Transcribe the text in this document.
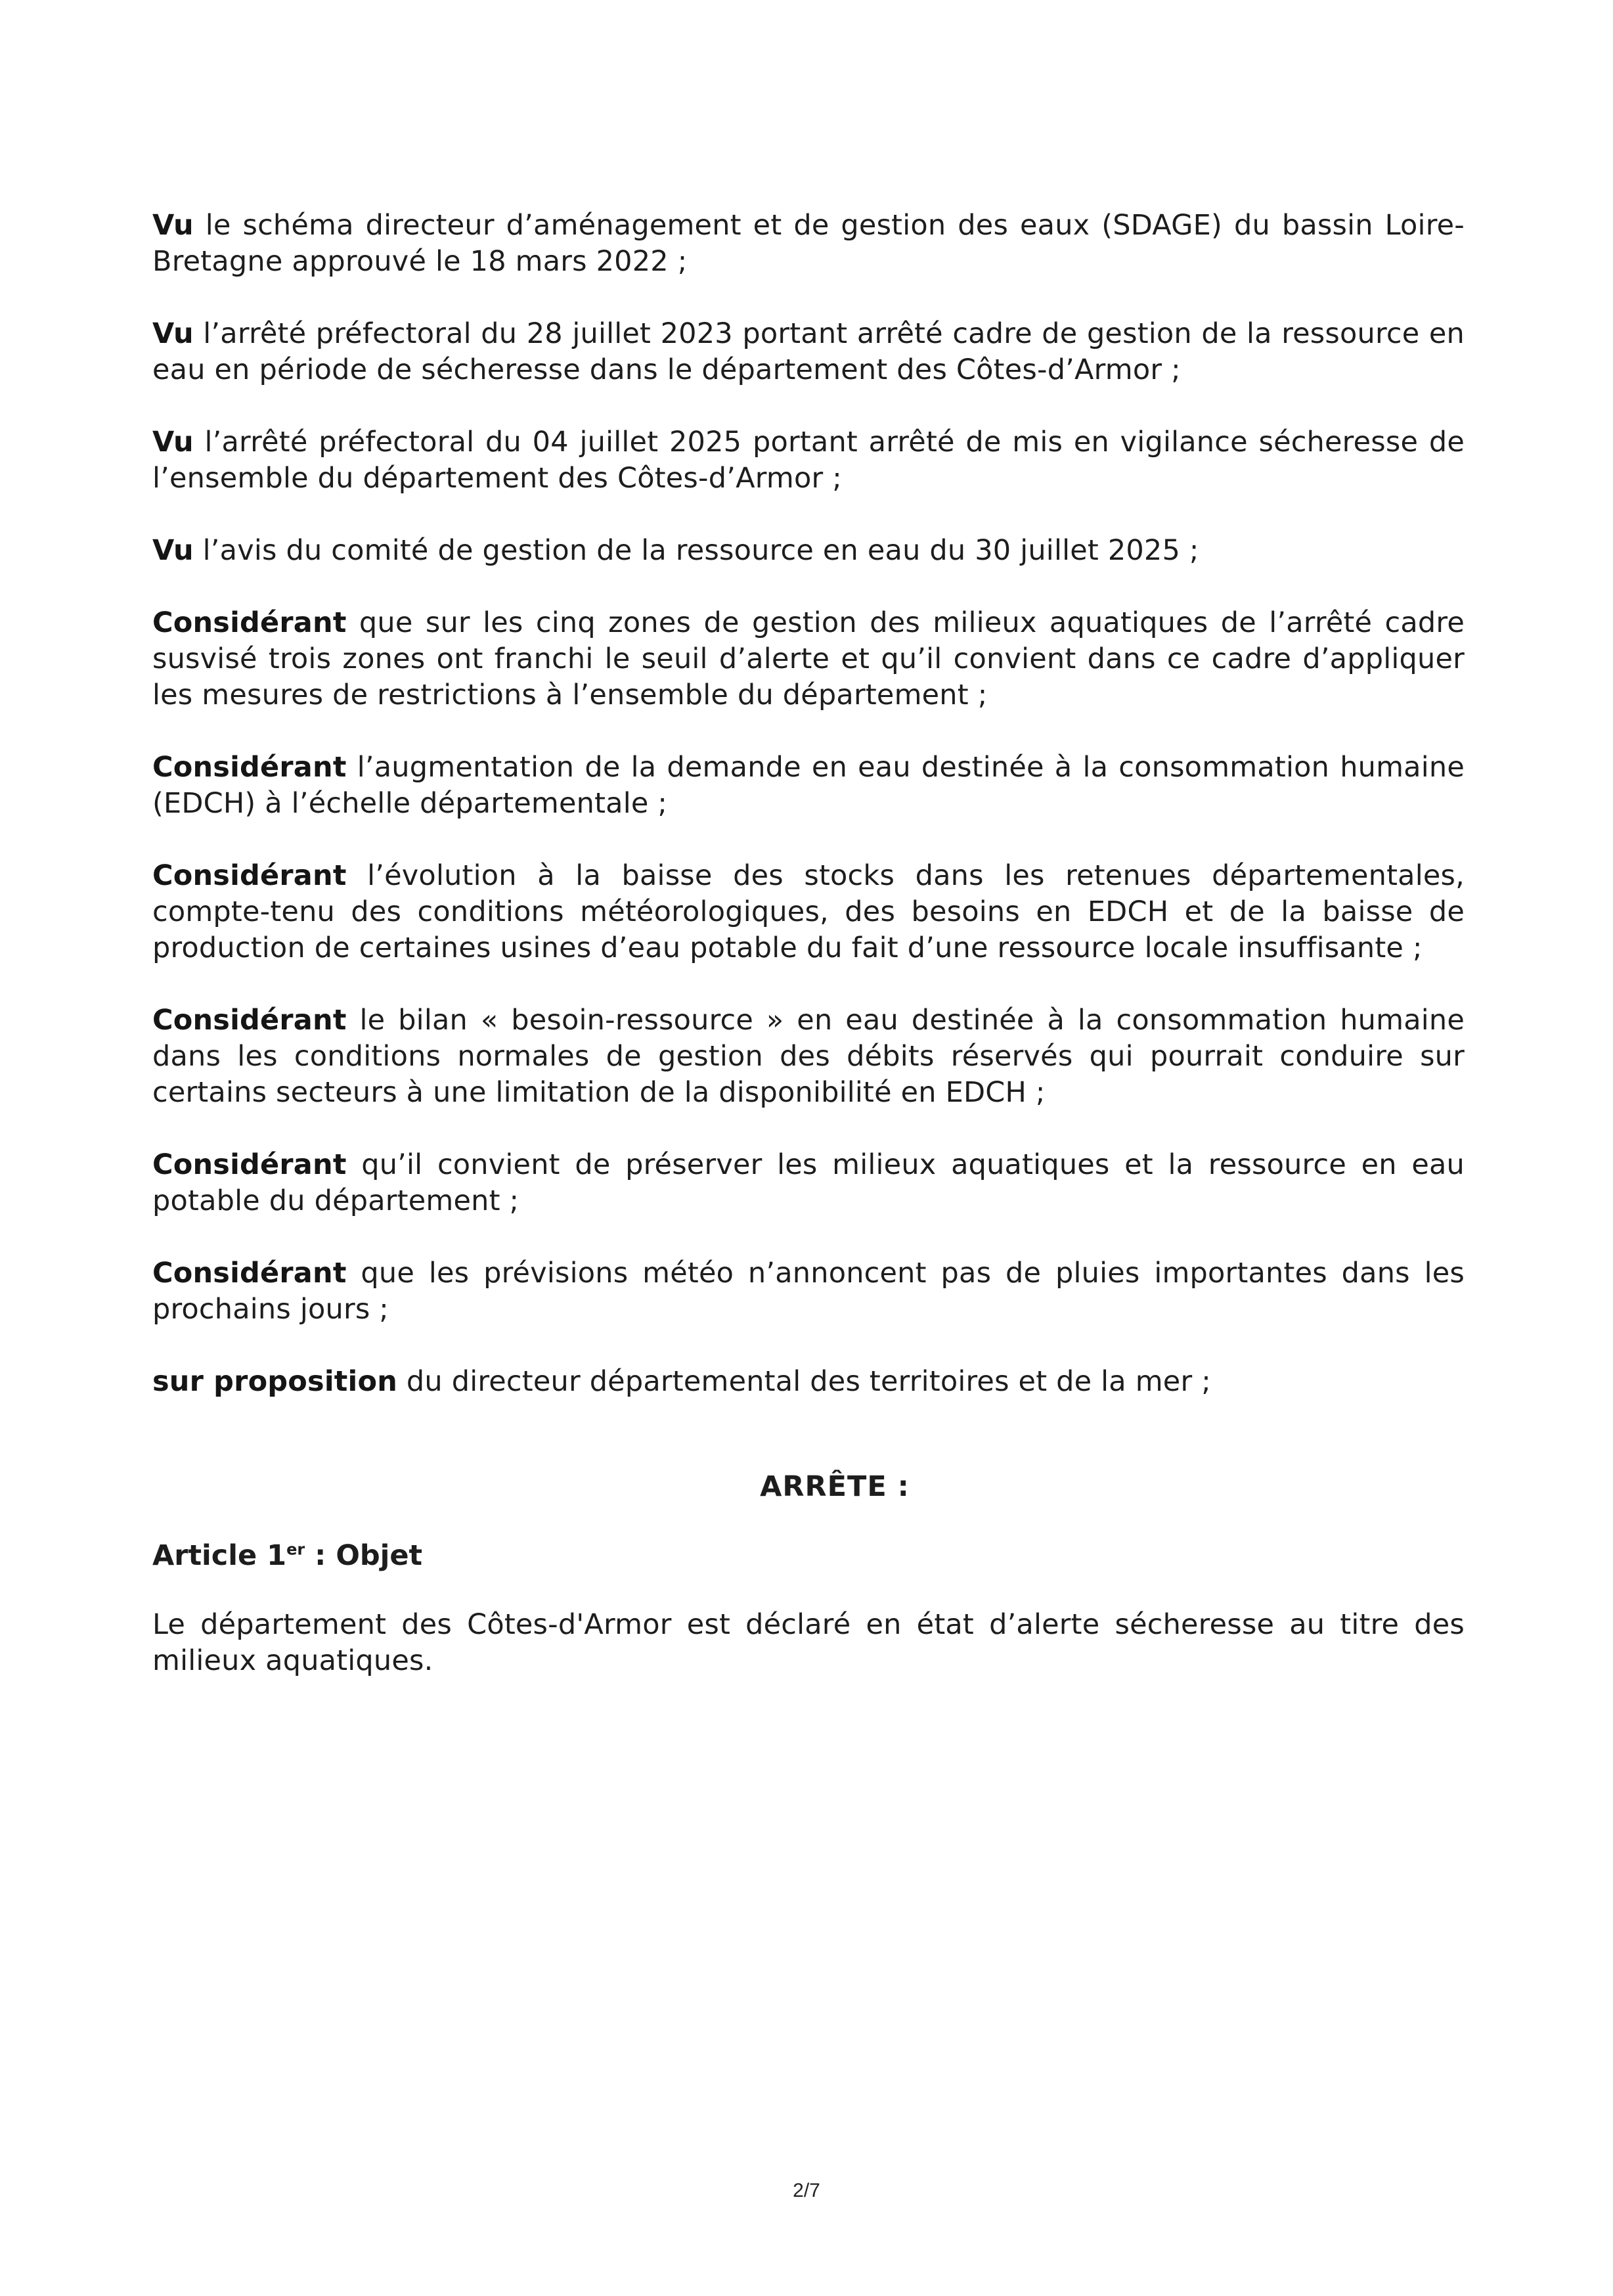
Vu le schéma directeur d’aménagement et de gestion des eaux (SDAGE) du bassin Loire-Bretagne approuvé le 18 mars 2022 ;

Vu l’arrêté préfectoral du 28 juillet 2023 portant arrêté cadre de gestion de la ressource en eau en période de sécheresse dans le département des Côtes-d’Armor ;

Vu l’arrêté préfectoral du 04 juillet 2025 portant arrêté de mis en vigilance sécheresse de l’ensemble du département des Côtes-d’Armor ;

Vu l’avis du comité de gestion de la ressource en eau du 30 juillet 2025 ;

Considérant que sur les cinq zones de gestion des milieux aquatiques de l’arrêté cadre susvisé trois zones ont franchi le seuil d’alerte et qu’il convient dans ce cadre d’appliquer les mesures de restrictions à l’ensemble du département ;

Considérant l’augmentation de la demande en eau destinée à la consommation humaine (EDCH) à l’échelle départementale ;

Considérant l’évolution à la baisse des stocks dans les retenues départementales, compte-tenu des conditions météorologiques, des besoins en EDCH et de la baisse de production de certaines usines d’eau potable du fait d’une ressource locale insuffisante ;

Considérant le bilan « besoin-ressource » en eau destinée à la consommation humaine dans les conditions normales de gestion des débits réservés qui pourrait conduire sur certains secteurs à une limitation de la disponibilité en EDCH ;

Considérant qu’il convient de préserver les milieux aquatiques et la ressource en eau potable du département ;

Considérant que les prévisions météo n’annoncent pas de pluies importantes dans les prochains jours ;

sur proposition du directeur départemental des territoires et de la mer ;

ARRÊTE :
Article 1er : Objet

Le département des Côtes-d'Armor est déclaré en état d’alerte sécheresse au titre des milieux aquatiques.

2/7
